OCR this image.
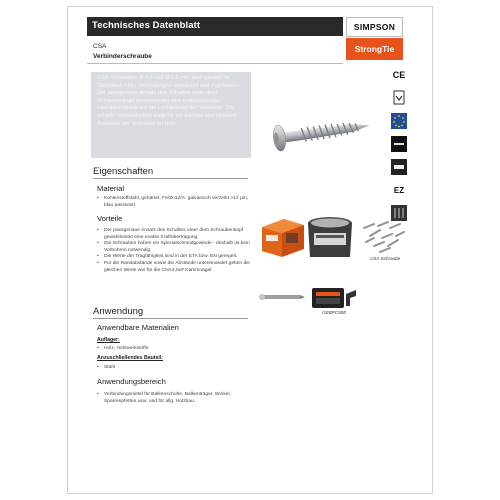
Technisches Datenblatt
CSA
Verbinderschraube
SIMPSON
StrongTie
CSA-Schrauben Ø 4,0 und Ø 5,0 mm sind speziell für Stahlblech-Holz Verbindungen entwickelt und zugelassen. Der passgenaue Ansatz des Schaftes unter dem Schraubenkopf gewährleistet eine kraftschlüssige Lastübertragung auf die Lochleibung der Verbinder. Die scharfe Schneidspitze sorgt für ein leichtes und sicheres Ansetzen der Schraube im Holz.
CE
EZ
Eigenschaften
Material
• Kohlenstoffstahl, gehärtet, Fe/Zn12/A: galvanisch verzinkt >12 µm, blau passiviert
Vorteile
• Der passgenaue Ansatz des Schaftes unter dem Schraubenkopf gewährleistet eine exakte Kraftübertragung.
• Die Schrauben haben ein Spezialschneidgewinde - deshalb ist kein Vorbohren notwendig.
• Die Werte der Tragfähigkeit sind in der ETA bzw. EN geregelt.
• Für die Randabstände sowie die Abstände untereinander gelten die gleichen Werte wie für die CNA4,0x# Kammnägel.
Anwendung
Anwendbare Materialien
Auflager:
• Holz, Holzwerkstoffe
Anzuschließendes Bauteil:
• Stahl
Anwendungsbereich
• Verbindungsmittel für Balkenschuhe, Balkenträger, Winkel, Sparrenpfetten usw. und für allg. Holzbau.
CSA Schraube
GEBPC50E
